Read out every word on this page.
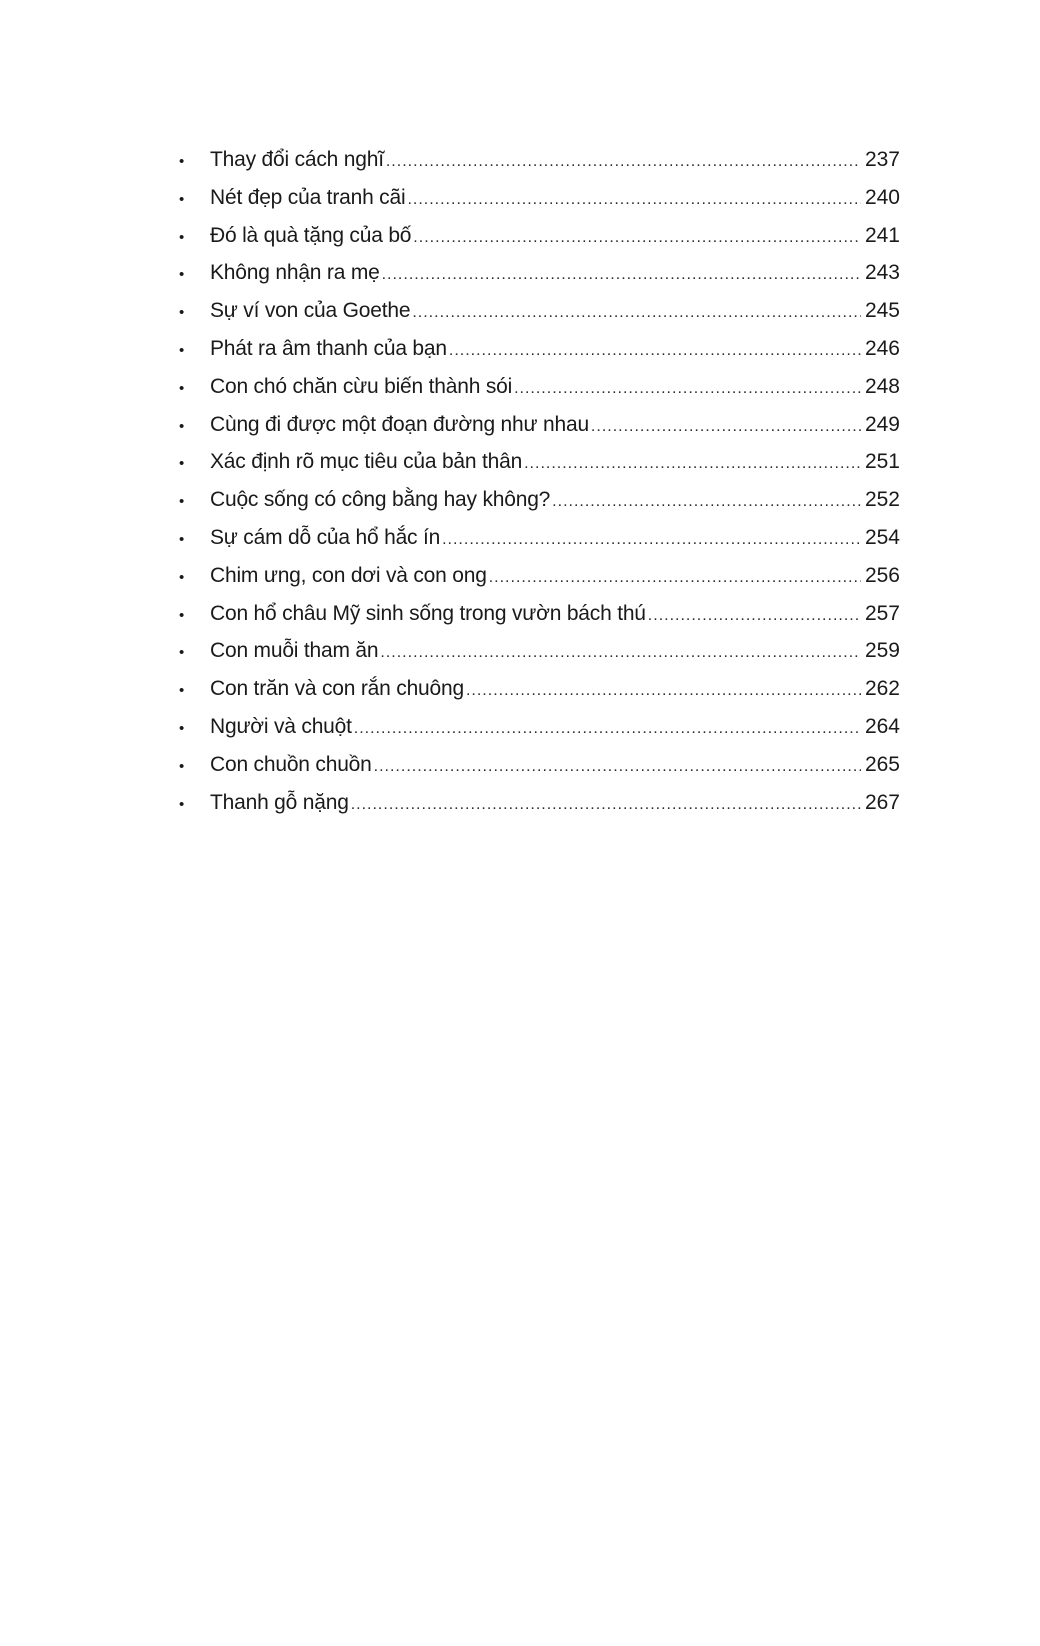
•	Thay đổi cách nghĩ .....	237
•	Nét đẹp của tranh cãi .....	240
•	Đó là quà tặng của bố .....	241
•	Không nhận ra mẹ .....	243
•	Sự ví von của Goethe .....	245
•	Phát ra âm thanh của bạn .....	246
•	Con chó chăn cừu biến thành sói .....	248
•	Cùng đi được một đoạn đường như nhau .....	249
•	Xác định rõ mục tiêu của bản thân .....	251
•	Cuộc sống có công bằng hay không? .....	252
•	Sự cám dỗ của hổ hắc ín .....	254
•	Chim ưng, con dơi và con ong .....	256
•	Con hổ châu Mỹ sinh sống trong vườn bách thú .....	257
•	Con muỗi tham ăn .....	259
•	Con trăn và con rắn chuông .....	262
•	Người và chuột .....	264
•	Con chuồn chuồn .....	265
•	Thanh gỗ nặng .....	267
